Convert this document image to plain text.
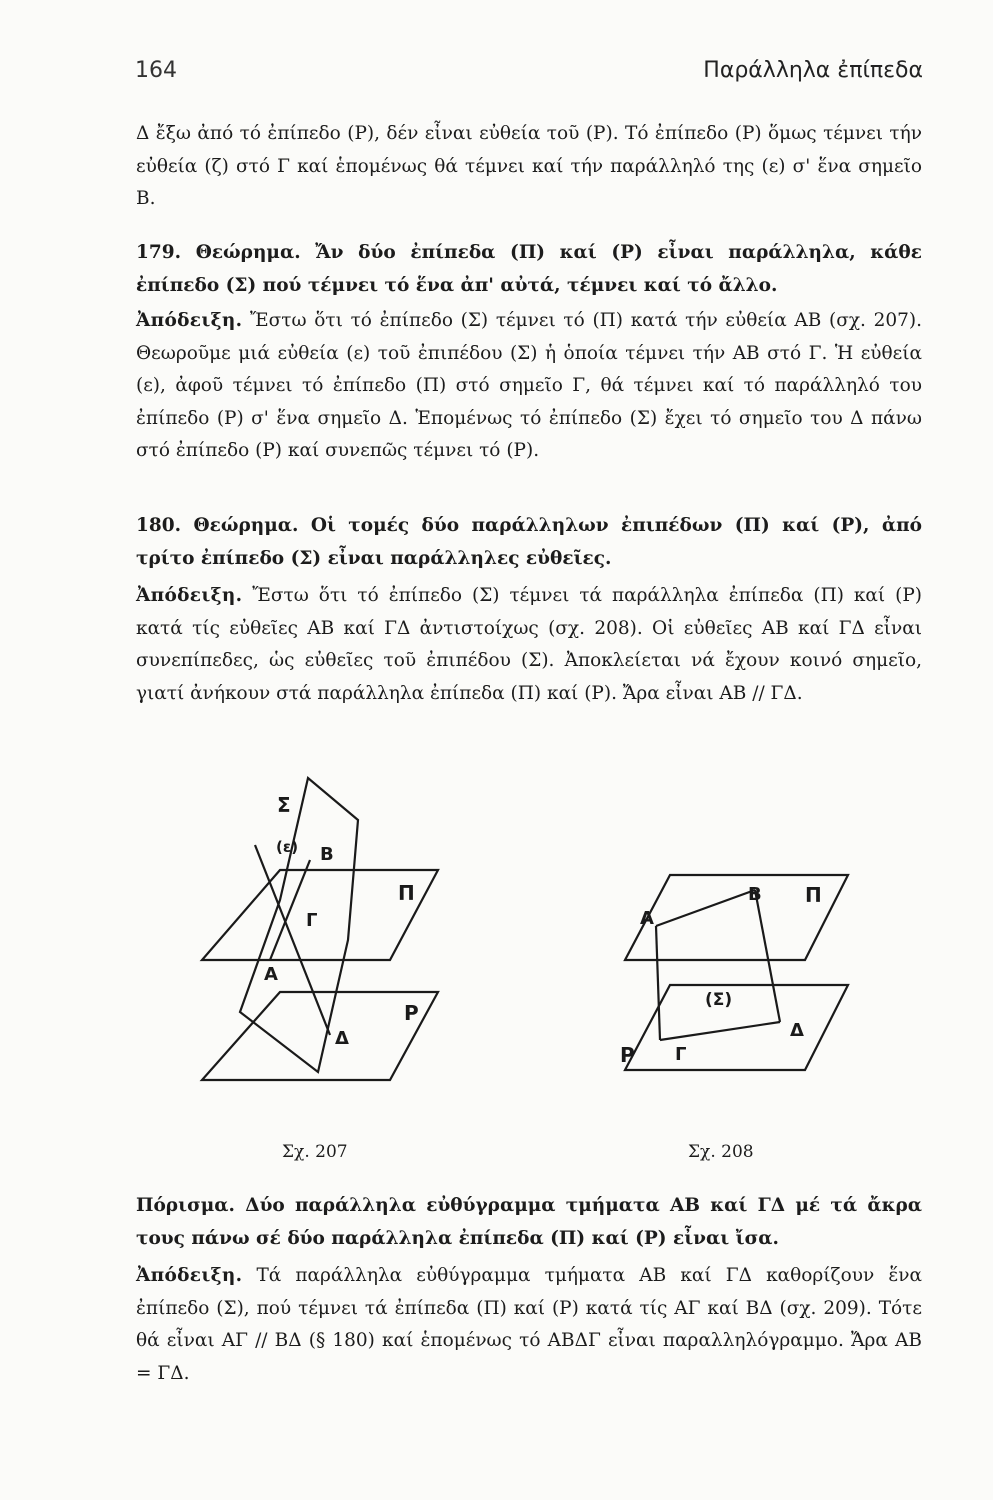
164	Παράλληλα ἐπίπεδα

Δ ἔξω ἀπό τό ἐπίπεδο (Ρ), δέν εἶναι εὐθεία τοῦ (Ρ). Τό ἐπίπεδο (Ρ) ὅμως τέμνει τήν εὐθεία (ζ) στό Γ καί ἑπομένως θά τέμνει καί τήν παράλληλό της (ε) σ' ἕνα σημεῖο Β.

179. Θεώρημα. Ἄν δύο ἐπίπεδα (Π) καί (Ρ) εἶναι παράλληλα, κάθε ἐπίπεδο (Σ) πού τέμνει τό ἕνα ἀπ' αὐτά, τέμνει καί τό ἄλλο.

Ἀπόδειξη. Ἔστω ὅτι τό ἐπίπεδο (Σ) τέμνει τό (Π) κατά τήν εὐθεία ΑΒ (σχ. 207). Θεωροῦμε μιά εὐθεία (ε) τοῦ ἐπιπέδου (Σ) ἡ ὁποία τέμνει τήν ΑΒ στό Γ. Ἡ εὐθεία (ε), ἀφοῦ τέμνει τό ἐπίπεδο (Π) στό σημεῖο Γ, θά τέμνει καί τό παράλληλό του ἐπίπεδο (Ρ) σ' ἕνα σημεῖο Δ. Ἑπομένως τό ἐπίπεδο (Σ) ἔχει τό σημεῖο του Δ πάνω στό ἐπίπεδο (Ρ) καί συνεπῶς τέμνει τό (Ρ).

180. Θεώρημα. Οἱ τομές δύο παράλληλων ἐπιπέδων (Π) καί (Ρ), ἀπό τρίτο ἐπίπεδο (Σ) εἶναι παράλληλες εὐθεῖες.

Ἀπόδειξη. Ἔστω ὅτι τό ἐπίπεδο (Σ) τέμνει τά παράλληλα ἐπίπεδα (Π) καί (Ρ) κατά τίς εὐθεῖες ΑΒ καί ΓΔ ἀντιστοίχως (σχ. 208). Οἱ εὐθεῖες ΑΒ καί ΓΔ εἶναι συνεπίπεδες, ὡς εὐθεῖες τοῦ ἐπιπέδου (Σ). Ἀποκλείεται νά ἔχουν κοινό σημεῖο, γιατί ἀνήκουν στά παράλληλα ἐπίπεδα (Π) καί (Ρ). Ἄρα εἶναι ΑΒ // ΓΔ.

Σ
(ε) Β
Π
Γ
Α
Ρ
Δ
Σχ. 207
Β Π
Α
(Σ)
Δ
Ρ Γ
Σχ. 208

Πόρισμα. Δύο παράλληλα εὐθύγραμμα τμήματα ΑΒ καί ΓΔ μέ τά ἄκρα τους πάνω σέ δύο παράλληλα ἐπίπεδα (Π) καί (Ρ) εἶναι ἴσα.

Ἀπόδειξη. Τά παράλληλα εὐθύγραμμα τμήματα ΑΒ καί ΓΔ καθορίζουν ἕνα ἐπίπεδο (Σ), πού τέμνει τά ἐπίπεδα (Π) καί (Ρ) κατά τίς ΑΓ καί ΒΔ (σχ. 209). Τότε θά εἶναι ΑΓ // ΒΔ (§ 180) καί ἑπομένως τό ΑΒΔΓ εἶναι παραλληλόγραμμο. Ἄρα ΑΒ = ΓΔ.
